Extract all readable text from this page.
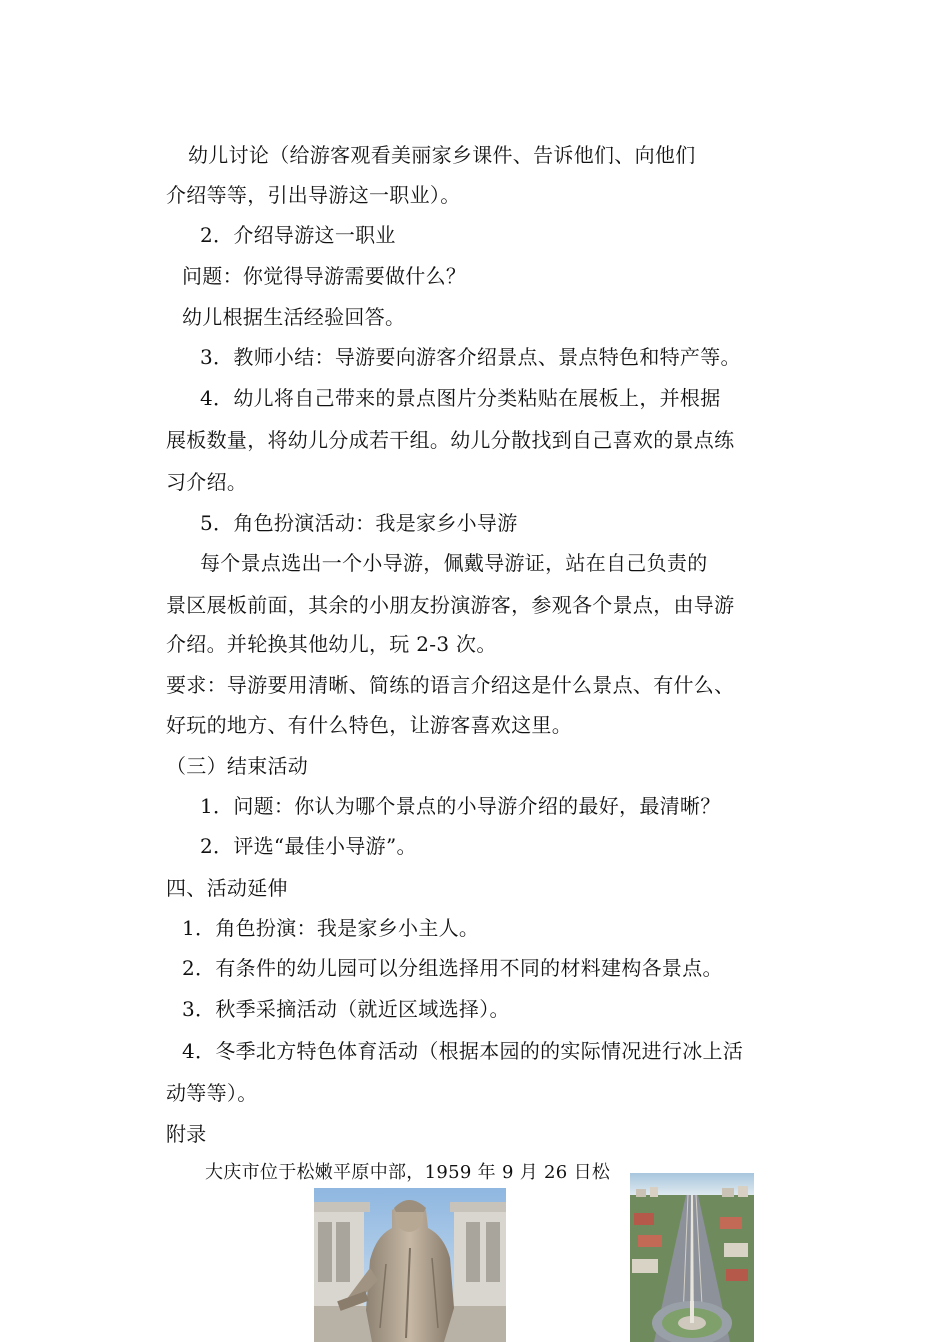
幼儿讨论（给游客观看美丽家乡课件、告诉他们、向他们
介绍等等，引出导游这一职业）。
2．介绍导游这一职业
问题：你觉得导游需要做什么？
幼儿根据生活经验回答。
3．教师小结：导游要向游客介绍景点、景点特色和特产等。
4．幼儿将自己带来的景点图片分类粘贴在展板上，并根据
展板数量，将幼儿分成若干组。幼儿分散找到自己喜欢的景点练
习介绍。
5．角色扮演活动：我是家乡小导游
每个景点选出一个小导游，佩戴导游证，站在自己负责的
景区展板前面，其余的小朋友扮演游客，参观各个景点，由导游
介绍。并轮换其他幼儿，玩 2-3 次。
要求：导游要用清晰、简练的语言介绍这是什么景点、有什么、
好玩的地方、有什么特色，让游客喜欢这里。
（三）结束活动
1．问题：你认为哪个景点的小导游介绍的最好，最清晰？
2．评选“最佳小导游”。
四、活动延伸
1．角色扮演：我是家乡小主人。
2．有条件的幼儿园可以分组选择用不同的材料建构各景点。
3．秋季采摘活动（就近区域选择）。
4．冬季北方特色体育活动（根据本园的的实际情况进行冰上活
动等等）。
附录
大庆市位于松嫩平原中部，1959 年 9 月 26 日松
